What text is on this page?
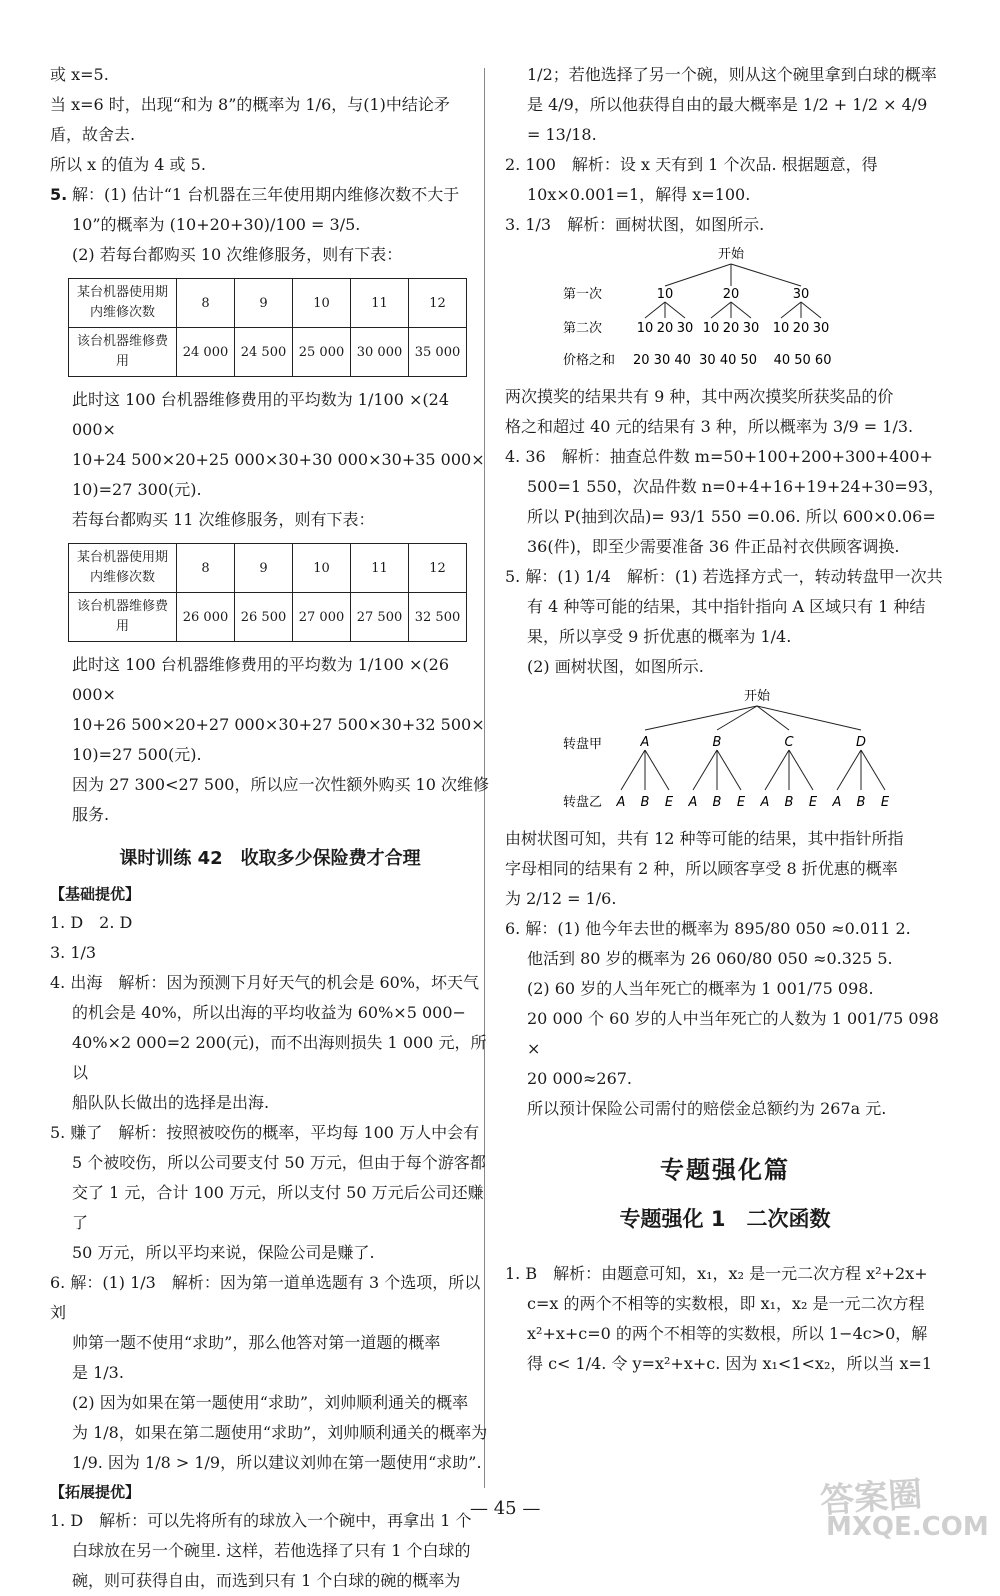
或 x=5.
当 x=6 时，出现“和为 8”的概率为 1/6，与(1)中结论矛
盾，故舍去.
所以 x 的值为 4 或 5.
5. 解：(1) 估计“1 台机器在三年使用期内维修次数不大于
10”的概率为 (10+20+30)/100 = 3/5.
(2) 若每台都购买 10 次维修服务，则有下表：
某台机器使用期内维修次数	8	9	10	11	12
该台机器维修费用	24 000	24 500	25 000	30 000	35 000
此时这 100 台机器维修费用的平均数为 1/100 ×(24 000×
10+24 500×20+25 000×30+30 000×30+35 000×
10)=27 300(元).
若每台都购买 11 次维修服务，则有下表：
某台机器使用期内维修次数	8	9	10	11	12
该台机器维修费用	26 000	26 500	27 000	27 500	32 500
此时这 100 台机器维修费用的平均数为 1/100 ×(26 000×
10+26 500×20+27 000×30+27 500×30+32 500×
10)=27 500(元).
因为 27 300<27 500，所以应一次性额外购买 10 次维修
服务.
课时训练 42　收取多少保险费才合理
【基础提优】
1. D　2. D
3. 1/3
4. 出海　解析：因为预测下月好天气的机会是 60%，坏天气
的机会是 40%，所以出海的平均收益为 60%×5 000−
40%×2 000=2 200(元)，而不出海则损失 1 000 元，所以
船队队长做出的选择是出海.
5. 赚了　解析：按照被咬伤的概率，平均每 100 万人中会有
5 个被咬伤，所以公司要支付 50 万元，但由于每个游客都
交了 1 元，合计 100 万元，所以支付 50 万元后公司还赚了
50 万元，所以平均来说，保险公司是赚了.
6. 解：(1) 1/3　解析：因为第一道单选题有 3 个选项，所以刘
帅第一题不使用“求助”，那么他答对第一道题的概率
是 1/3.
(2) 因为如果在第一题使用“求助”，刘帅顺利通关的概率
为 1/8，如果在第二题使用“求助”，刘帅顺利通关的概率为
1/9. 因为 1/8 > 1/9，所以建议刘帅在第一题使用“求助”.
【拓展提优】
1. D　解析：可以先将所有的球放入一个碗中，再拿出 1 个
白球放在另一个碗里. 这样，若他选择了只有 1 个白球的
碗，则可获得自由，而选到只有 1 个白球的碗的概率为
1/2；若他选择了另一个碗，则从这个碗里拿到白球的概率
是 4/9，所以他获得自由的最大概率是 1/2 + 1/2 × 4/9 = 13/18.
2. 100　解析：设 x 天有到 1 个次品. 根据题意，得
10x×0.001=1，解得 x=100.
3. 1/3　解析：画树状图，如图所示.
开始
第一次	10	20	30
第二次	10 20 30 10 20 30 10 20 30
价格之和 20 30 40  30 40 50    40 50 60
两次摸奖的结果共有 9 种，其中两次摸奖所获奖品的价
格之和超过 40 元的结果有 3 种，所以概率为 3/9 = 1/3.
4. 36　解析：抽查总件数 m=50+100+200+300+400+
500=1 550，次品件数 n=0+4+16+19+24+30=93，
所以 P(抽到次品)= 93/1 550 =0.06. 所以 600×0.06=
36(件)，即至少需要准备 36 件正品衬衣供顾客调换.
5. 解：(1) 1/4　解析：(1) 若选择方式一，转动转盘甲一次共
有 4 种等可能的结果，其中指针指向 A 区域只有 1 种结
果，所以享受 9 折优惠的概率为 1/4.
(2) 画树状图，如图所示.
开始
转盘甲	A	B	C	D
转盘乙 A B E A B E A B E A B E
由树状图可知，共有 12 种等可能的结果，其中指针所指
字母相同的结果有 2 种，所以顾客享受 8 折优惠的概率
为 2/12 = 1/6.
6. 解：(1) 他今年去世的概率为 895/80 050 ≈0.011 2.
他活到 80 岁的概率为 26 060/80 050 ≈0.325 5.
(2) 60 岁的人当年死亡的概率为 1 001/75 098.
20 000 个 60 岁的人中当年死亡的人数为 1 001/75 098 ×
20 000≈267.
所以预计保险公司需付的赔偿金总额约为 267a 元.
专题强化篇
专题强化 1　二次函数
1. B　解析：由题意可知，x₁，x₂ 是一元二次方程 x²+2x+
c=x 的两个不相等的实数根，即 x₁，x₂ 是一元二次方程
x²+x+c=0 的两个不相等的实数根，所以 1−4c>0，解
得 c< 1/4. 令 y=x²+x+c. 因为 x₁<1<x₂，所以当 x=1
— 45 —	答案圈
MXQE.COM
